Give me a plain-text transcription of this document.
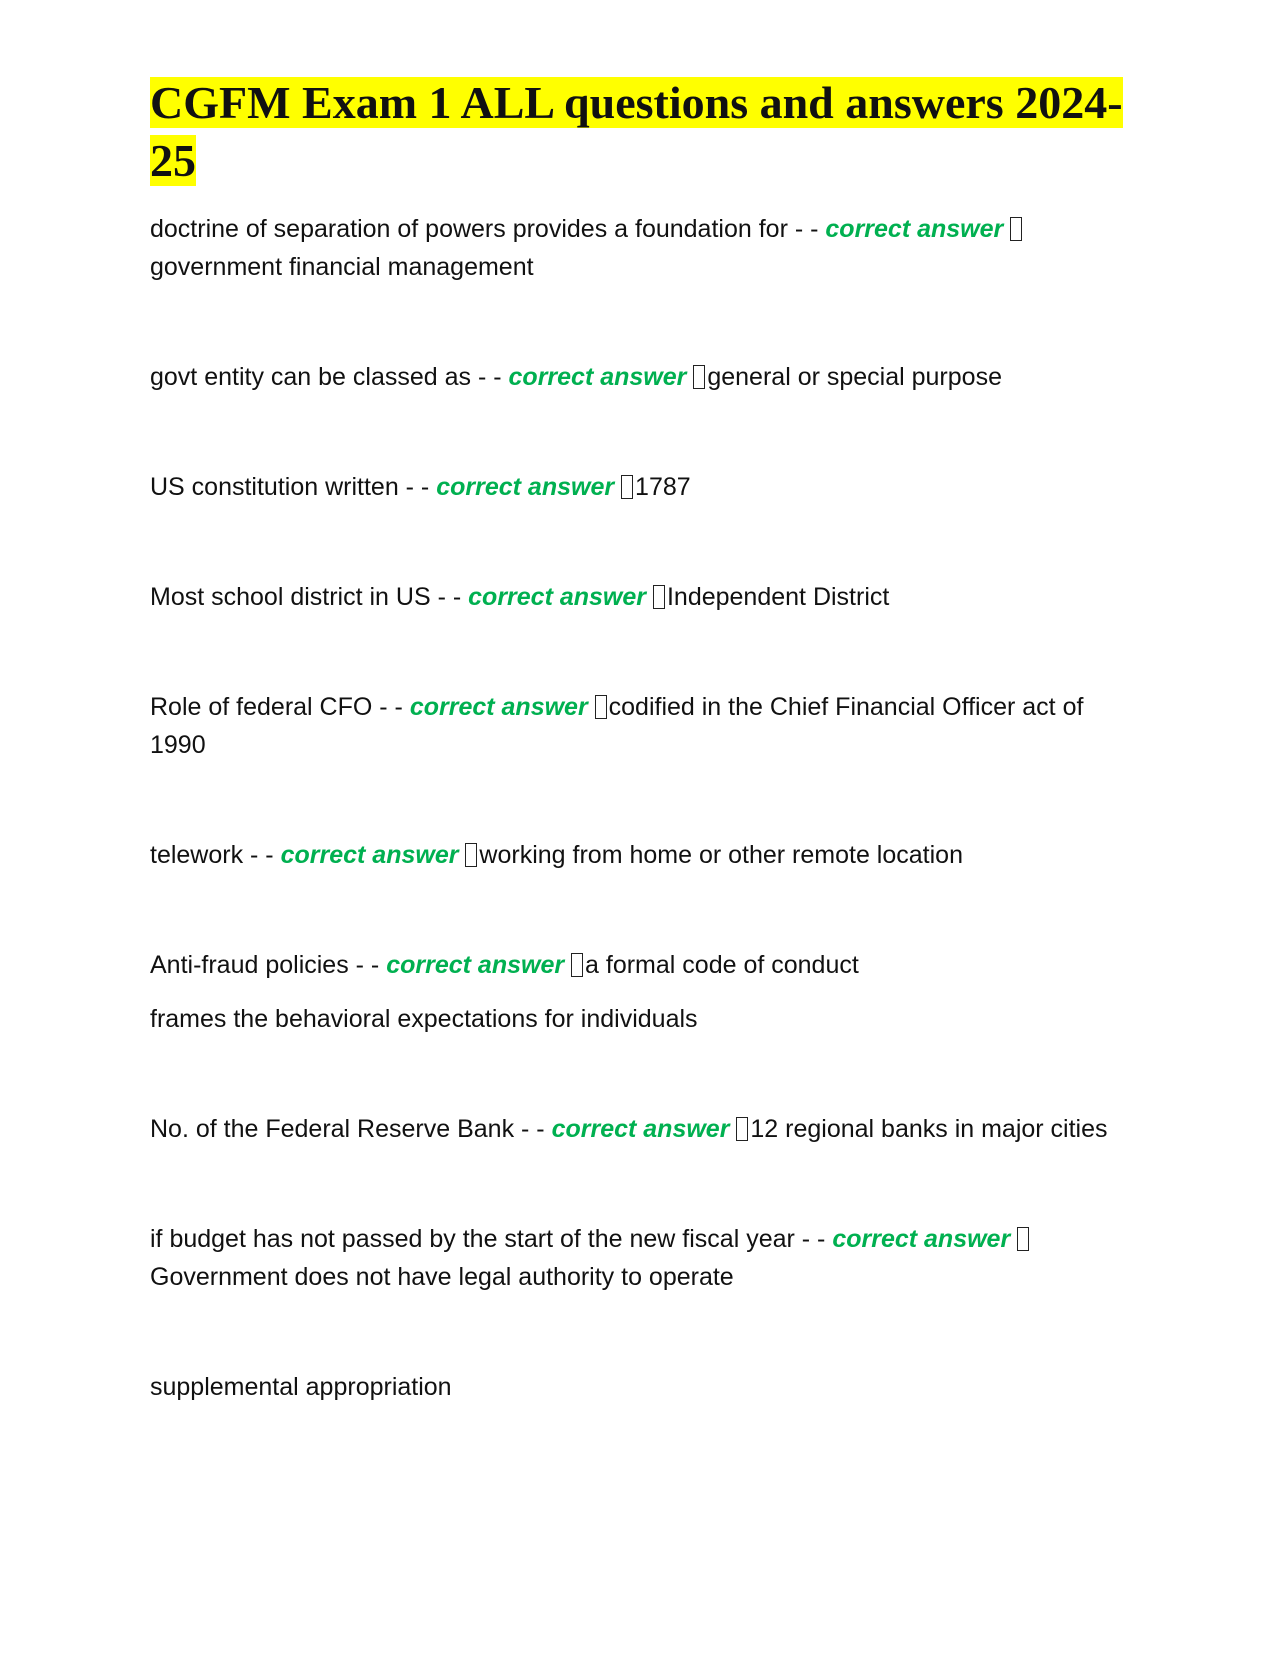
CGFM Exam 1 ALL questions and answers 2024-25

doctrine of separation of powers provides a foundation for - - correct answer government financial management

govt entity can be classed as - - correct answer general or special purpose

US constitution written - - correct answer 1787

Most school district in US - - correct answer Independent District

Role of federal CFO - - correct answer codified in the Chief Financial Officer act of 1990

telework - - correct answer working from home or other remote location

Anti-fraud policies - - correct answer a formal code of conduct

frames the behavioral expectations for individuals

No. of the Federal Reserve Bank - - correct answer 12 regional banks in major cities

if budget has not passed by the start of the new fiscal year - - correct answer Government does not have legal authority to operate

supplemental appropriation
